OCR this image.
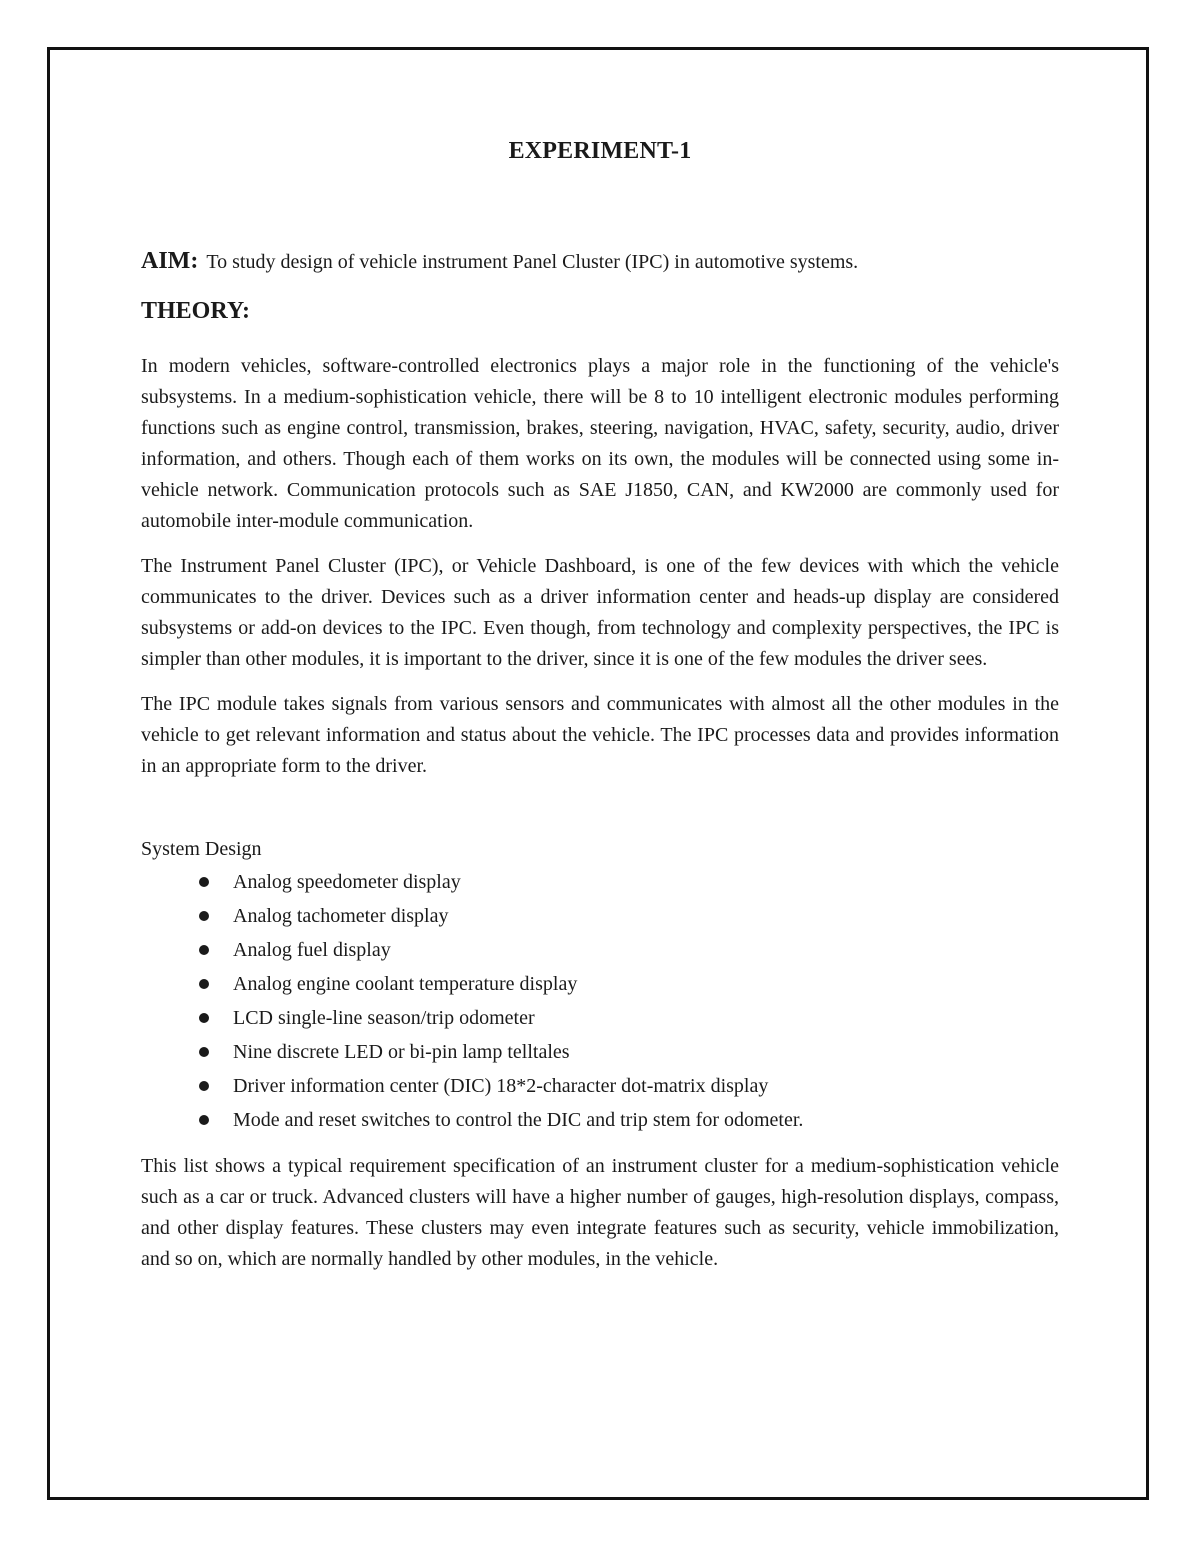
EXPERIMENT-1
AIM: To study design of vehicle instrument Panel Cluster (IPC) in automotive systems.
THEORY:

In modern vehicles, software-controlled electronics plays a major role in the functioning of the vehicle's subsystems. In a medium-sophistication vehicle, there will be 8 to 10 intelligent electronic modules performing functions such as engine control, transmission, brakes, steering, navigation, HVAC, safety, security, audio, driver information, and others. Though each of them works on its own, the modules will be connected using some in-vehicle network. Communication protocols such as SAE J1850, CAN, and KW2000 are commonly used for automobile inter-module communication.

The Instrument Panel Cluster (IPC), or Vehicle Dashboard, is one of the few devices with which the vehicle communicates to the driver. Devices such as a driver information center and heads-up display are considered subsystems or add-on devices to the IPC. Even though, from technology and complexity perspectives, the IPC is simpler than other modules, it is important to the driver, since it is one of the few modules the driver sees.

The IPC module takes signals from various sensors and communicates with almost all the other modules in the vehicle to get relevant information and status about the vehicle. The IPC processes data and provides information in an appropriate form to the driver.

System Design
Analog speedometer display
Analog tachometer display
Analog fuel display
Analog engine coolant temperature display
LCD single-line season/trip odometer
Nine discrete LED or bi-pin lamp telltales
Driver information center (DIC) 18*2-character dot-matrix display
Mode and reset switches to control the DIC and trip stem for odometer.

This list shows a typical requirement specification of an instrument cluster for a medium-sophistication vehicle such as a car or truck. Advanced clusters will have a higher number of gauges, high-resolution displays, compass, and other display features. These clusters may even integrate features such as security, vehicle immobilization, and so on, which are normally handled by other modules, in the vehicle.
